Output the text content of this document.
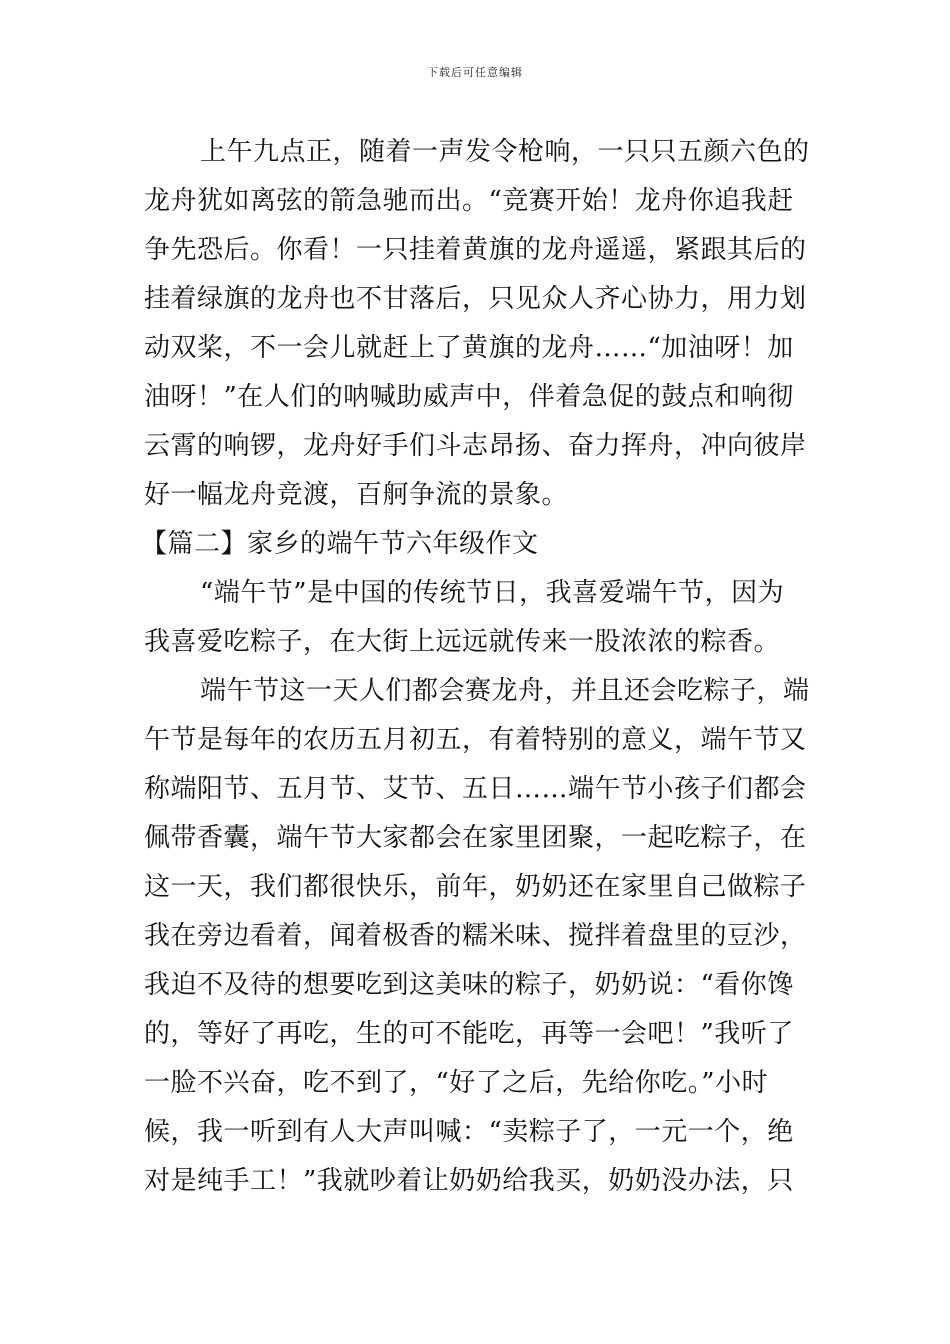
下载后可任意编辑
上午九点正，随着一声发令枪响，一只只五颜六色的
龙舟犹如离弦的箭急驰而出。“竞赛开始！龙舟你追我赶
争先恐后。你看！一只挂着黄旗的龙舟遥遥，紧跟其后的
挂着绿旗的龙舟也不甘落后，只见众人齐心协力，用力划
动双桨，不一会儿就赶上了黄旗的龙舟……“加油呀！加
油呀！”在人们的呐喊助威声中，伴着急促的鼓点和响彻
云霄的响锣，龙舟好手们斗志昂扬、奋力挥舟，冲向彼岸
好一幅龙舟竞渡，百舸争流的景象。
【篇二】家乡的端午节六年级作文
“端午节”是中国的传统节日，我喜爱端午节，因为
我喜爱吃粽子，在大街上远远就传来一股浓浓的粽香。
端午节这一天人们都会赛龙舟，并且还会吃粽子，端
午节是每年的农历五月初五，有着特别的意义，端午节又
称端阳节、五月节、艾节、五日……端午节小孩子们都会
佩带香囊，端午节大家都会在家里团聚，一起吃粽子，在
这一天，我们都很快乐，前年，奶奶还在家里自己做粽子
我在旁边看着，闻着极香的糯米味、搅拌着盘里的豆沙，
我迫不及待的想要吃到这美味的粽子，奶奶说：“看你馋
的，等好了再吃，生的可不能吃，再等一会吧！”我听了
一脸不兴奋，吃不到了，“好了之后，先给你吃。”小时
候，我一听到有人大声叫喊：“卖粽子了，一元一个，绝
对是纯手工！”我就吵着让奶奶给我买，奶奶没办法，只
